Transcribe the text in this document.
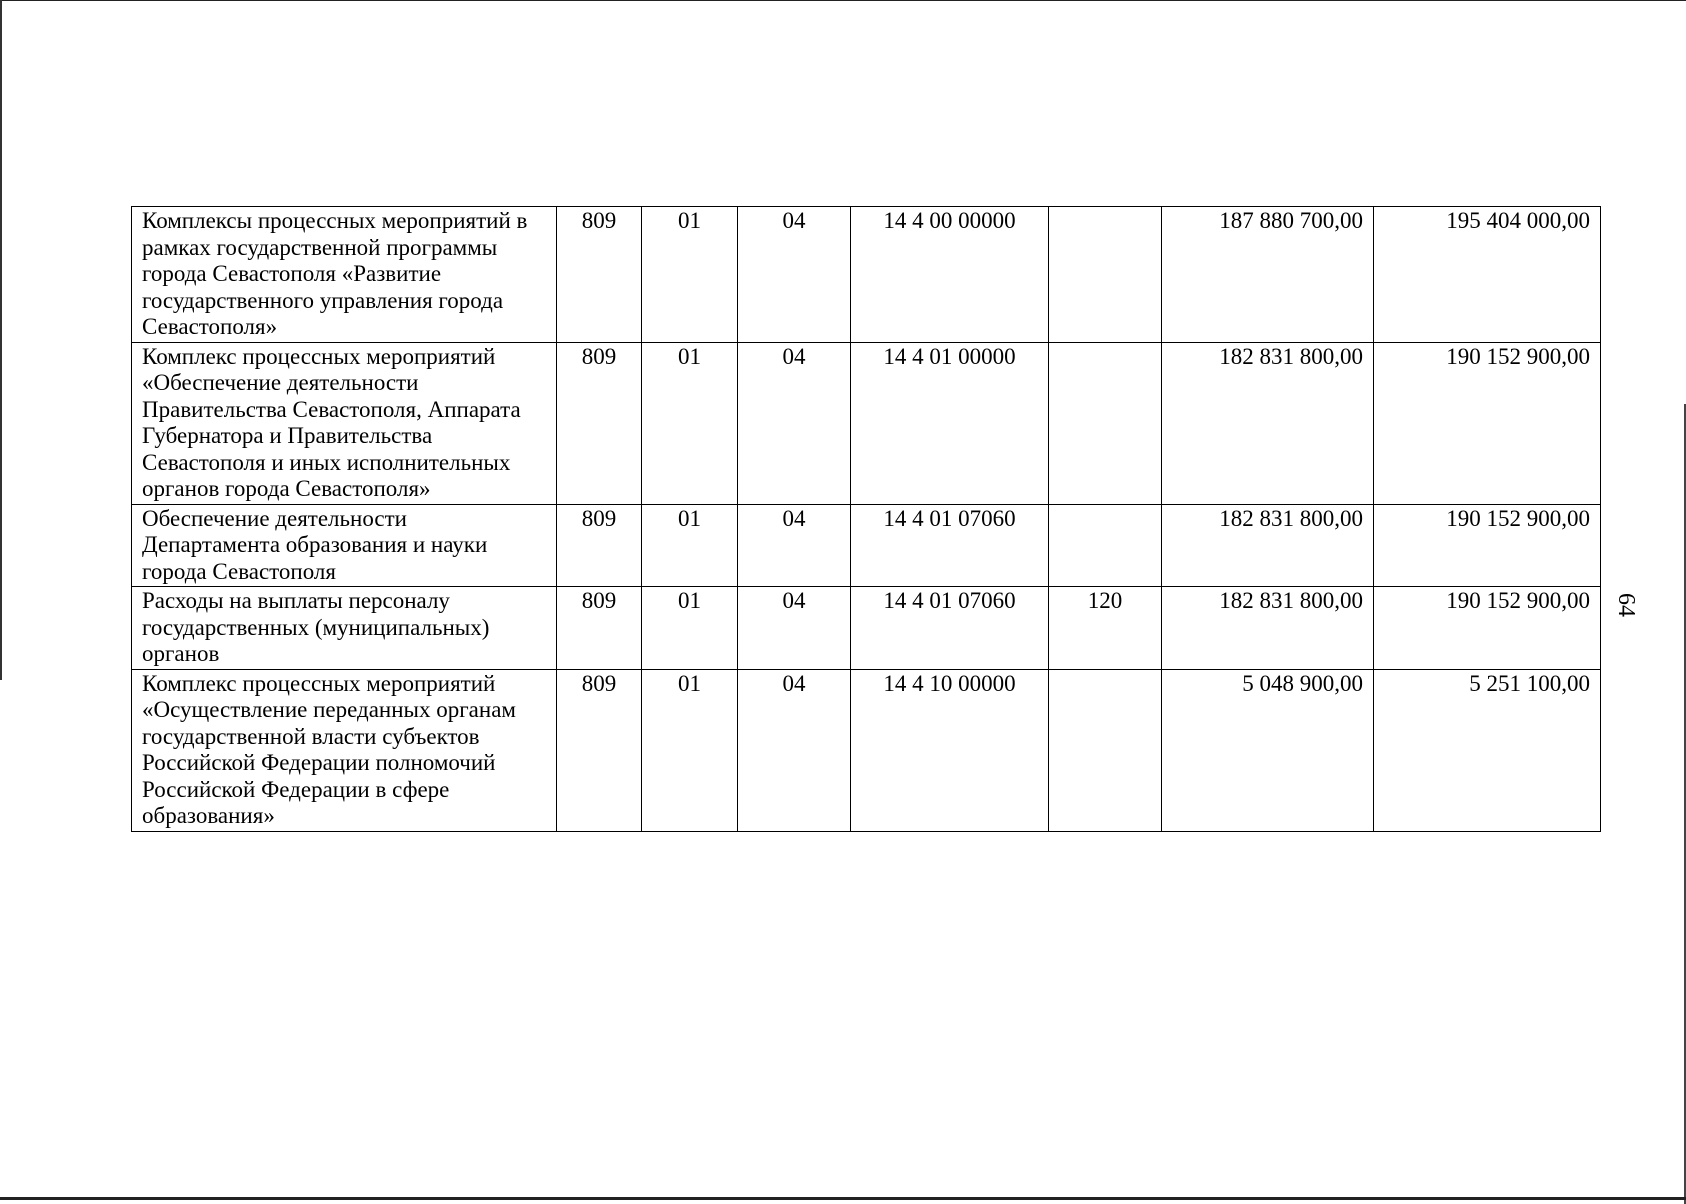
Комплексы процессных мероприятий в рамках государственной программы города Севастополя «Развитие государственного управления города Севастополя»	809	01	04	14 4 00 00000		187 880 700,00	195 404 000,00
Комплекс процессных мероприятий «Обеспечение деятельности Правительства Севастополя, Аппарата Губернатора и Правительства Севастополя и иных исполнительных органов города Севастополя»	809	01	04	14 4 01 00000		182 831 800,00	190 152 900,00
Обеспечение деятельности Департамента образования и науки города Севастополя	809	01	04	14 4 01 07060		182 831 800,00	190 152 900,00
Расходы на выплаты персоналу государственных (муниципальных) органов	809	01	04	14 4 01 07060	120	182 831 800,00	190 152 900,00
Комплекс процессных мероприятий «Осуществление переданных органам государственной власти субъектов Российской Федерации полномочий Российской Федерации в сфере образования»	809	01	04	14 4 10 00000		5 048 900,00	5 251 100,00
64
